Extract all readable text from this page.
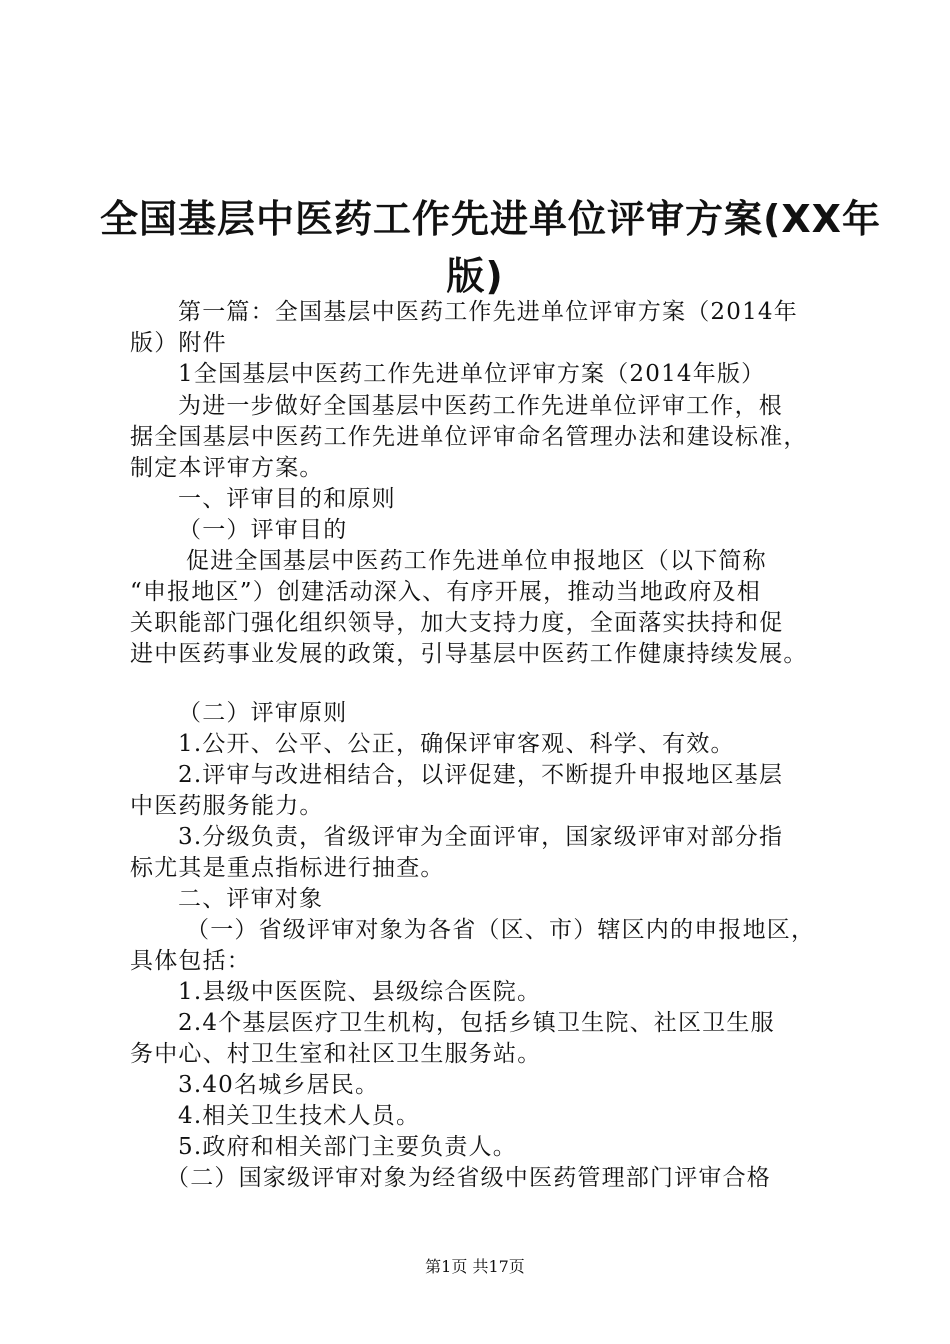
全国基层中医药工作先进单位评审方案(XX年
版)
第一篇：全国基层中医药工作先进单位评审方案（2014年
版）附件
1全国基层中医药工作先进单位评审方案（2014年版）
为进一步做好全国基层中医药工作先进单位评审工作，根
据全国基层中医药工作先进单位评审命名管理办法和建设标准，
制定本评审方案。
一、评审目的和原则
（一）评审目的
促进全国基层中医药工作先进单位申报地区（以下简称
“申报地区”）创建活动深入、有序开展，推动当地政府及相
关职能部门强化组织领导，加大支持力度，全面落实扶持和促
进中医药事业发展的政策，引导基层中医药工作健康持续发展。
（二）评审原则
1.公开、公平、公正，确保评审客观、科学、有效。
2.评审与改进相结合，以评促建，不断提升申报地区基层
中医药服务能力。
3.分级负责，省级评审为全面评审，国家级评审对部分指
标尤其是重点指标进行抽查。
二、评审对象
（一）省级评审对象为各省（区、市）辖区内的申报地区，
具体包括：
1.县级中医医院、县级综合医院。
2.4个基层医疗卫生机构，包括乡镇卫生院、社区卫生服
务中心、村卫生室和社区卫生服务站。
3.40名城乡居民。
4.相关卫生技术人员。
5.政府和相关部门主要负责人。
（二）国家级评审对象为经省级中医药管理部门评审合格
第1页 共17页
